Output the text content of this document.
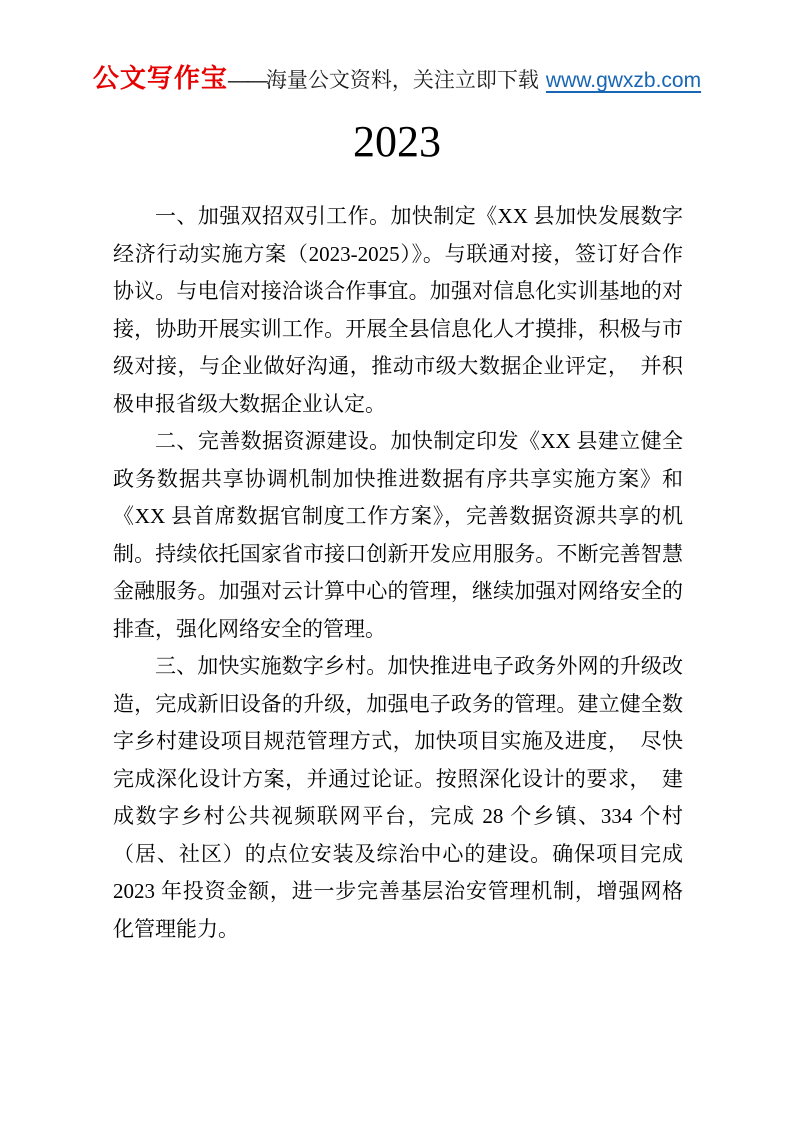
公文写作宝——海量公文资料，关注立即下载 www.gwxzb.com
2023

一、加强双招双引工作。加快制定《XX 县加快发展数字经济行动实施方案（2023-2025）》。与联通对接，签订好合作协议。与电信对接洽谈合作事宜。加强对信息化实训基地的对接，协助开展实训工作。开展全县信息化人才摸排，积极与市级对接，与企业做好沟通，推动市级大数据企业评定，　并积极申报省级大数据企业认定。

二、完善数据资源建设。加快制定印发《XX 县建立健全政务数据共享协调机制加快推进数据有序共享实施方案》和《XX 县首席数据官制度工作方案》，完善数据资源共享的机制。持续依托国家省市接口创新开发应用服务。不断完善智慧金融服务。加强对云计算中心的管理，继续加强对网络安全的排查，强化网络安全的管理。

三、加快实施数字乡村。加快推进电子政务外网的升级改造，完成新旧设备的升级，加强电子政务的管理。建立健全数字乡村建设项目规范管理方式，加快项目实施及进度，　尽快完成深化设计方案，并通过论证。按照深化设计的要求，　建成数字乡村公共视频联网平台，完成 28 个乡镇、334 个村（居、社区）的点位安装及综治中心的建设。确保项目完成 2023 年投资金额，进一步完善基层治安管理机制，增强网格化管理能力。
